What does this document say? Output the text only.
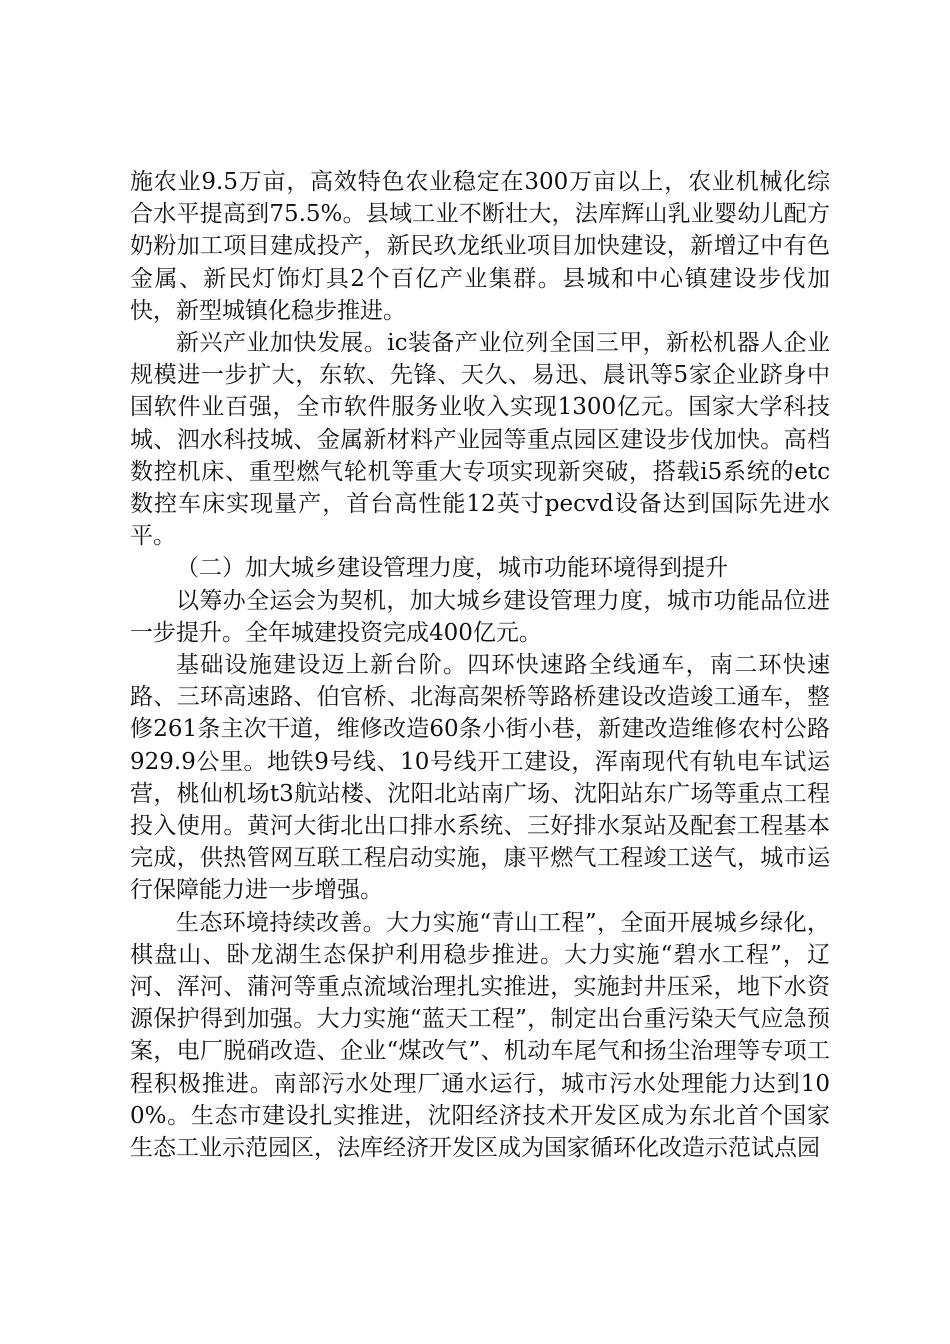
施农业9.5万亩，高效特色农业稳定在300万亩以上，农业机械化综合水平提高到75.5%。县域工业不断壮大，法库辉山乳业婴幼儿配方奶粉加工项目建成投产，新民玖龙纸业项目加快建设，新增辽中有色金属、新民灯饰灯具2个百亿产业集群。县城和中心镇建设步伐加快，新型城镇化稳步推进。

新兴产业加快发展。ic装备产业位列全国三甲，新松机器人企业规模进一步扩大，东软、先锋、天久、易迅、晨讯等5家企业跻身中国软件业百强，全市软件服务业收入实现1300亿元。国家大学科技城、泗水科技城、金属新材料产业园等重点园区建设步伐加快。高档数控机床、重型燃气轮机等重大专项实现新突破，搭载i5系统的etc数控车床实现量产，首台高性能12英寸pecvd设备达到国际先进水平。

（二）加大城乡建设管理力度，城市功能环境得到提升

以筹办全运会为契机，加大城乡建设管理力度，城市功能品位进一步提升。全年城建投资完成400亿元。

基础设施建设迈上新台阶。四环快速路全线通车，南二环快速路、三环高速路、伯官桥、北海高架桥等路桥建设改造竣工通车，整修261条主次干道，维修改造60条小街小巷，新建改造维修农村公路929.9公里。地铁9号线、10号线开工建设，浑南现代有轨电车试运营，桃仙机场t3航站楼、沈阳北站南广场、沈阳站东广场等重点工程投入使用。黄河大街北出口排水系统、三好排水泵站及配套工程基本完成，供热管网互联工程启动实施，康平燃气工程竣工送气，城市运行保障能力进一步增强。

生态环境持续改善。大力实施“青山工程”，全面开展城乡绿化，棋盘山、卧龙湖生态保护利用稳步推进。大力实施“碧水工程”，辽河、浑河、蒲河等重点流域治理扎实推进，实施封井压采，地下水资源保护得到加强。大力实施“蓝天工程”，制定出台重污染天气应急预案，电厂脱硝改造、企业“煤改气”、机动车尾气和扬尘治理等专项工程积极推进。南部污水处理厂通水运行，城市污水处理能力达到100%。生态市建设扎实推进，沈阳经济技术开发区成为东北首个国家生态工业示范园区，法库经济开发区成为国家循环化改造示范试点园
